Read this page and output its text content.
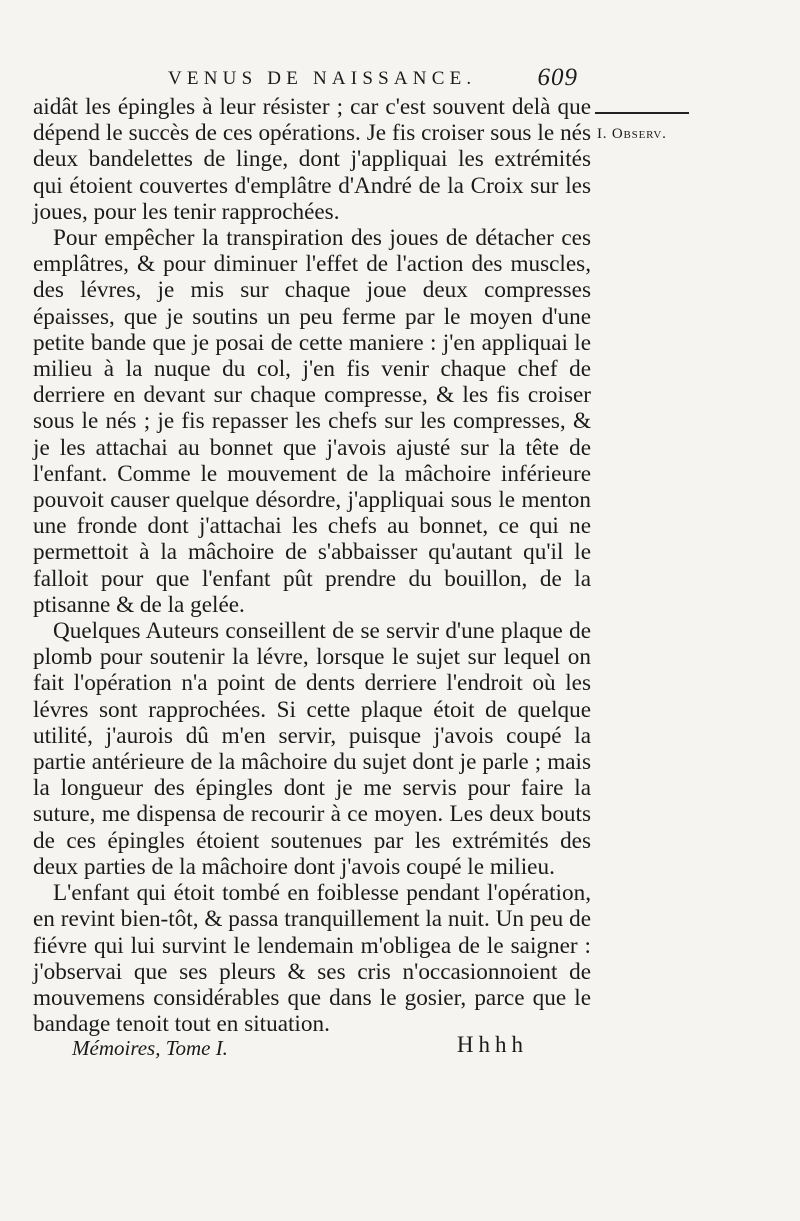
VENUS DE NAISSANCE. 609
I. Observ.

aidât les épingles à leur résister ; car c'est souvent delà que dépend le succès de ces opérations. Je fis croiser sous le nés deux bandelettes de linge, dont j'appliquai les extrémités qui étoient couvertes d'emplâtre d'André de la Croix sur les joues, pour les tenir rapprochées.

Pour empêcher la transpiration des joues de détacher ces emplâtres, & pour diminuer l'effet de l'action des muscles, des lévres, je mis sur chaque joue deux compresses épaisses, que je soutins un peu ferme par le moyen d'une petite bande que je posai de cette maniere : j'en appliquai le milieu à la nuque du col, j'en fis venir chaque chef de derriere en devant sur chaque compresse, & les fis croiser sous le nés ; je fis repasser les chefs sur les compresses, & je les attachai au bonnet que j'avois ajusté sur la tête de l'enfant. Comme le mouvement de la mâchoire inférieure pouvoit causer quelque désordre, j'appliquai sous le menton une fronde dont j'attachai les chefs au bonnet, ce qui ne permettoit à la mâchoire de s'abbaisser qu'autant qu'il le falloit pour que l'enfant pût prendre du bouillon, de la ptisanne & de la gelée.

Quelques Auteurs conseillent de se servir d'une plaque de plomb pour soutenir la lévre, lorsque le sujet sur lequel on fait l'opération n'a point de dents derriere l'endroit où les lévres sont rapprochées. Si cette plaque étoit de quelque utilité, j'aurois dû m'en servir, puisque j'avois coupé la partie antérieure de la mâchoire du sujet dont je parle ; mais la longueur des épingles dont je me servis pour faire la suture, me dispensa de recourir à ce moyen. Les deux bouts de ces épingles étoient soutenues par les extrémités des deux parties de la mâchoire dont j'avois coupé le milieu.

L'enfant qui étoit tombé en foiblesse pendant l'opération, en revint bien-tôt, & passa tranquillement la nuit. Un peu de fiévre qui lui survint le lendemain m'obligea de le saigner : j'observai que ses pleurs & ses cris n'occasionnoient de mouvemens considérables que dans le gosier, parce que le bandage tenoit tout en situation.

Mémoires, Tome I.	Hhhh
